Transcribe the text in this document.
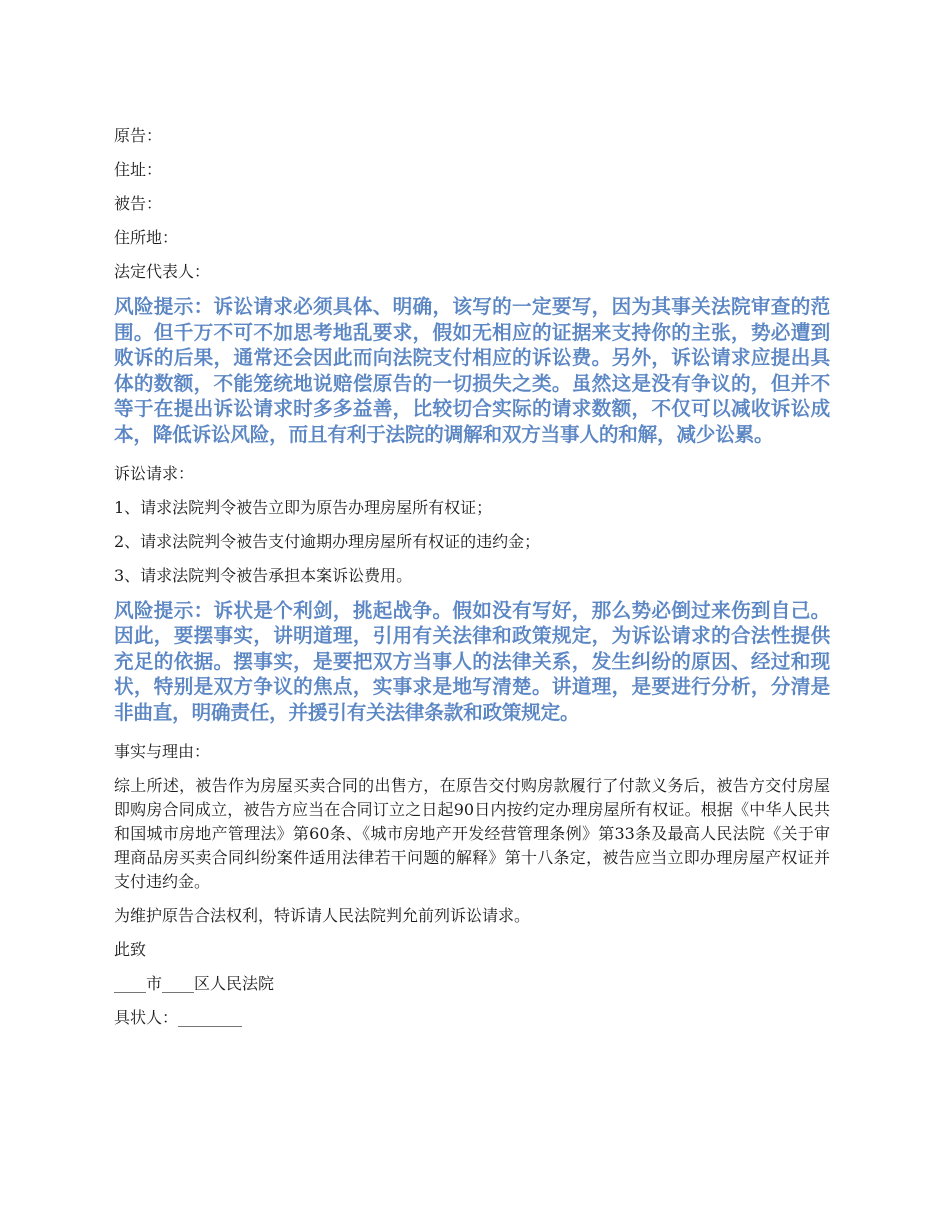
原告：
住址：
被告：
住所地：
法定代表人：
风险提示：诉讼请求必须具体、明确，该写的一定要写，因为其事关法院审查的范围。但千万不可不加思考地乱要求，假如无相应的证据来支持你的主张，势必遭到败诉的后果，通常还会因此而向法院支付相应的诉讼费。另外，诉讼请求应提出具体的数额，不能笼统地说赔偿原告的一切损失之类。虽然这是没有争议的，但并不等于在提出诉讼请求时多多益善，比较切合实际的请求数额，不仅可以减收诉讼成本，降低诉讼风险，而且有利于法院的调解和双方当事人的和解，减少讼累。
诉讼请求：
1、请求法院判令被告立即为原告办理房屋所有权证；
2、请求法院判令被告支付逾期办理房屋所有权证的违约金；
3、请求法院判令被告承担本案诉讼费用。
风险提示：诉状是个利剑，挑起战争。假如没有写好，那么势必倒过来伤到自己。因此，要摆事实，讲明道理，引用有关法律和政策规定，为诉讼请求的合法性提供充足的依据。摆事实，是要把双方当事人的法律关系，发生纠纷的原因、经过和现状，特别是双方争议的焦点，实事求是地写清楚。讲道理，是要进行分析，分清是非曲直，明确责任，并援引有关法律条款和政策规定。
事实与理由：
综上所述，被告作为房屋买卖合同的出售方，在原告交付购房款履行了付款义务后，被告方交付房屋即购房合同成立，被告方应当在合同订立之日起90日内按约定办理房屋所有权证。根据《中华人民共和国城市房地产管理法》第60条、《城市房地产开发经营管理条例》第33条及最高人民法院《关于审理商品房买卖合同纠纷案件适用法律若干问题的解释》第十八条定，被告应当立即办理房屋产权证并支付违约金。
为维护原告合法权利，特诉请人民法院判允前列诉讼请求。
此致
____市____区人民法院
具状人：________
